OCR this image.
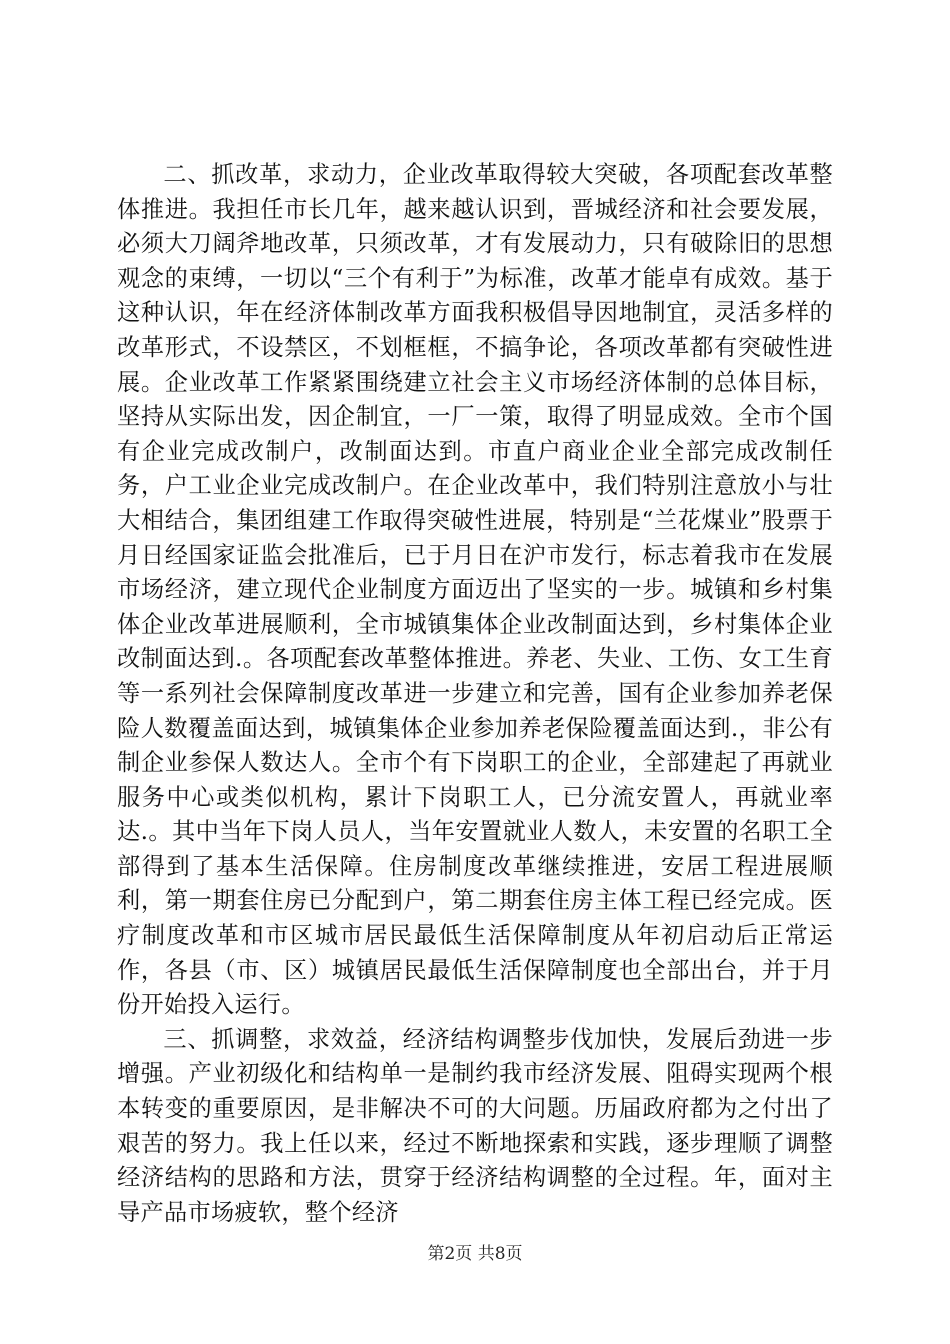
二、抓改革，求动力，企业改革取得较大突破，各项配套改革整体推进。我担任市长几年，越来越认识到，晋城经济和社会要发展，必须大刀阔斧地改革，只须改革，才有发展动力，只有破除旧的思想观念的束缚，一切以“三个有利于”为标准，改革才能卓有成效。基于这种认识，年在经济体制改革方面我积极倡导因地制宜，灵活多样的改革形式，不设禁区，不划框框，不搞争论，各项改革都有突破性进展。企业改革工作紧紧围绕建立社会主义市场经济体制的总体目标，坚持从实际出发，因企制宜，一厂一策，取得了明显成效。全市个国有企业完成改制户，改制面达到。市直户商业企业全部完成改制任务，户工业企业完成改制户。在企业改革中，我们特别注意放小与壮大相结合，集团组建工作取得突破性进展，特别是“兰花煤业”股票于月日经国家证监会批准后，已于月日在沪市发行，标志着我市在发展市场经济，建立现代企业制度方面迈出了坚实的一步。城镇和乡村集体企业改革进展顺利，全市城镇集体企业改制面达到，乡村集体企业改制面达到.。各项配套改革整体推进。养老、失业、工伤、女工生育等一系列社会保障制度改革进一步建立和完善，国有企业参加养老保险人数覆盖面达到，城镇集体企业参加养老保险覆盖面达到.，非公有制企业参保人数达人。全市个有下岗职工的企业，全部建起了再就业服务中心或类似机构，累计下岗职工人，已分流安置人，再就业率达.。其中当年下岗人员人，当年安置就业人数人，未安置的名职工全部得到了基本生活保障。住房制度改革继续推进，安居工程进展顺利，第一期套住房已分配到户，第二期套住房主体工程已经完成。医疗制度改革和市区城市居民最低生活保障制度从年初启动后正常运作，各县（市、区）城镇居民最低生活保障制度也全部出台，并于月份开始投入运行。

三、抓调整，求效益，经济结构调整步伐加快，发展后劲进一步增强。产业初级化和结构单一是制约我市经济发展、阻碍实现两个根本转变的重要原因，是非解决不可的大问题。历届政府都为之付出了艰苦的努力。我上任以来，经过不断地探索和实践，逐步理顺了调整经济结构的思路和方法，贯穿于经济结构调整的全过程。年，面对主导产品市场疲软，整个经济

第2页 共8页
